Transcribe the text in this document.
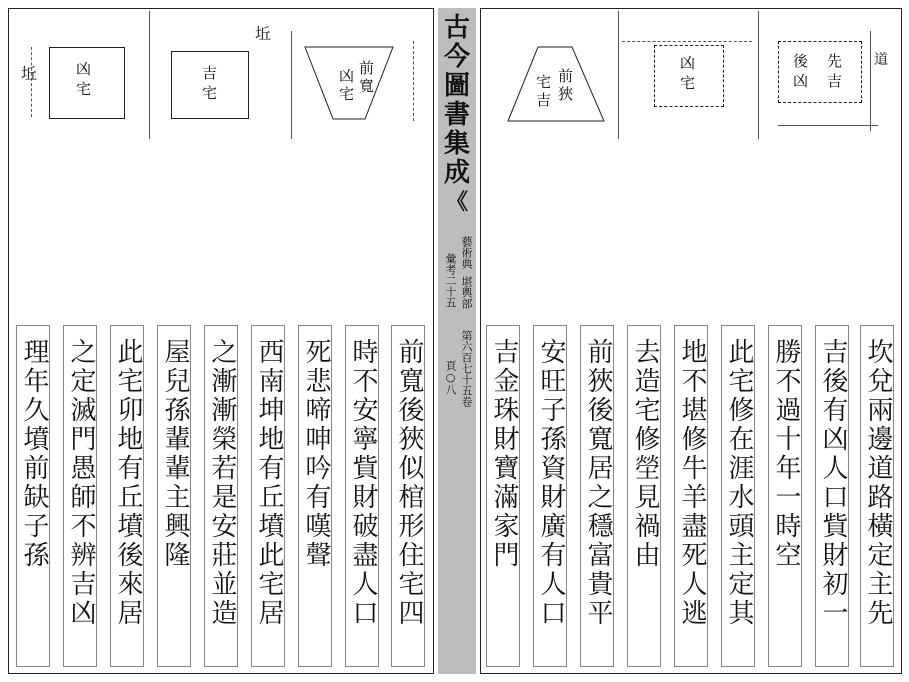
古
今
圖
書
集
成
《
藝術典
堪輿部
第六百七十五卷
彙考二十五
頁○八
坵
坵
凶
宅
吉
宅
前
寬
凶
宅
前
狹
宅
吉
凶
宅
先
吉
後
凶
道
坎兌兩邊道路橫定主先
吉後有凶人口貲財初一
勝不過十年一時空
此宅修在涯水頭主定其
地不堪修牛羊盡死人逃
去造宅修塋見禍由
前狹後寬居之穩富貴平
安旺子孫資財廣有人口
吉金珠財寶滿家門
前寬後狹似棺形住宅四
時不安寧貲財破盡人口
死悲啼呻吟有嘆聲
西南坤地有丘墳此宅居
之漸漸榮若是安莊並造
屋兒孫輩輩主興隆
此宅卯地有丘墳後來居
之定滅門愚師不辨吉凶
理年久墳前缺子孫
